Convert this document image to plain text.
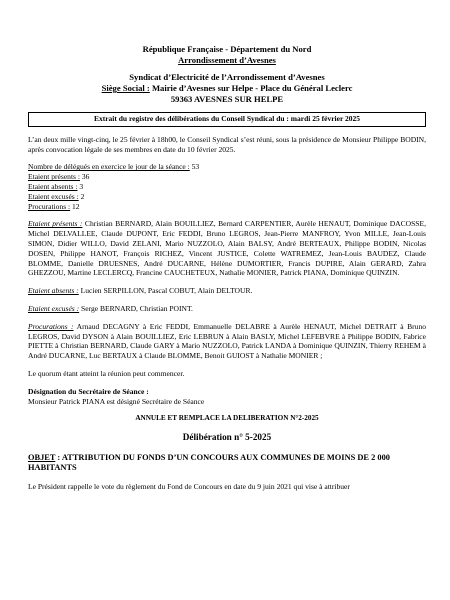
République Française - Département du Nord
Arrondissement d’Avesnes
Syndicat d’Electricité de l’Arrondissement d’Avesnes
Siège Social : Mairie d’Avesnes sur Helpe - Place du Général Leclerc
59363 AVESNES SUR HELPE
Extrait du registre des délibérations du Conseil Syndical du : mardi 25 février 2025

L’an deux mille vingt-cinq, le 25 février à 18h00, le Conseil Syndical s’est réuni, sous la présidence de Monsieur Philippe BODIN, après convocation légale de ses membres en date du 10 février 2025.

Nombre de délégués en exercice le jour de la séance : 53
Etaient présents : 36
Etaient absents : 3
Etaient excusés : 2
Procurations : 12

Etaient présents : Christian BERNARD, Alain BOUILLIEZ, Bernard CARPENTIER, Aurèle HENAUT, Dominique DACOSSE, Michel DELVALLEE, Claude DUPONT, Eric FEDDI, Bruno LEGROS, Jean-Pierre MANFROY, Yvon MILLE, Jean-Louis SIMON, Didier WILLO, David ZELANI, Mario NUZZOLO, Alain BALSY, André BERTEAUX, Philippe BODIN, Nicolas DOSEN, Philippe HANOT, François RICHEZ, Vincent JUSTICE, Colette WATREMEZ, Jean-Louis BAUDEZ, Claude BLOMME, Danielle DRUESNES, André DUCARNE, Hélène DUMORTIER, Francis DUPIRE, Alain GERARD, Zahra GHEZZOU, Martine LECLERCQ, Francine CAUCHETEUX, Nathalie MONIER, Patrick PIANA, Dominique QUINZIN.

Etaient absents : Lucien SERPILLON, Pascal COBUT, Alain DELTOUR.

Etaient excusés : Serge BERNARD, Christian POINT.

Procurations : Arnaud DECAGNY à Eric FEDDI, Emmanuelle DELABRE à Aurèle HENAUT, Michel DETRAIT à Bruno LEGROS, David DYSON à Alain BOUILLIEZ, Eric LEBRUN à Alain BASLY, Michel LEFEBVRE à Philippe BODIN, Fabrice PIETTE à Christian BERNARD, Claude GARY à Mario NUZZOLO, Patrick LANDA à Dominique QUINZIN, Thierry REHEM à André DUCARNE, Luc BERTAUX à Claude BLOMME, Benoit GUIOST à Nathalie MONIER ;

Le quorum étant atteint la réunion peut commencer.

Désignation du Secrétaire de Séance :
Monsieur Patrick PIANA est désigné Secrétaire de Séance
ANNULE ET REMPLACE LA DELIBERATION N°2-2025
Délibération n° 5-2025

OBJET : ATTRIBUTION DU FONDS D’UN CONCOURS AUX COMMUNES DE MOINS DE 2 000 HABITANTS

Le Président rappelle le vote du règlement du Fond de Concours en date du 9 juin 2021 qui vise à attribuer
